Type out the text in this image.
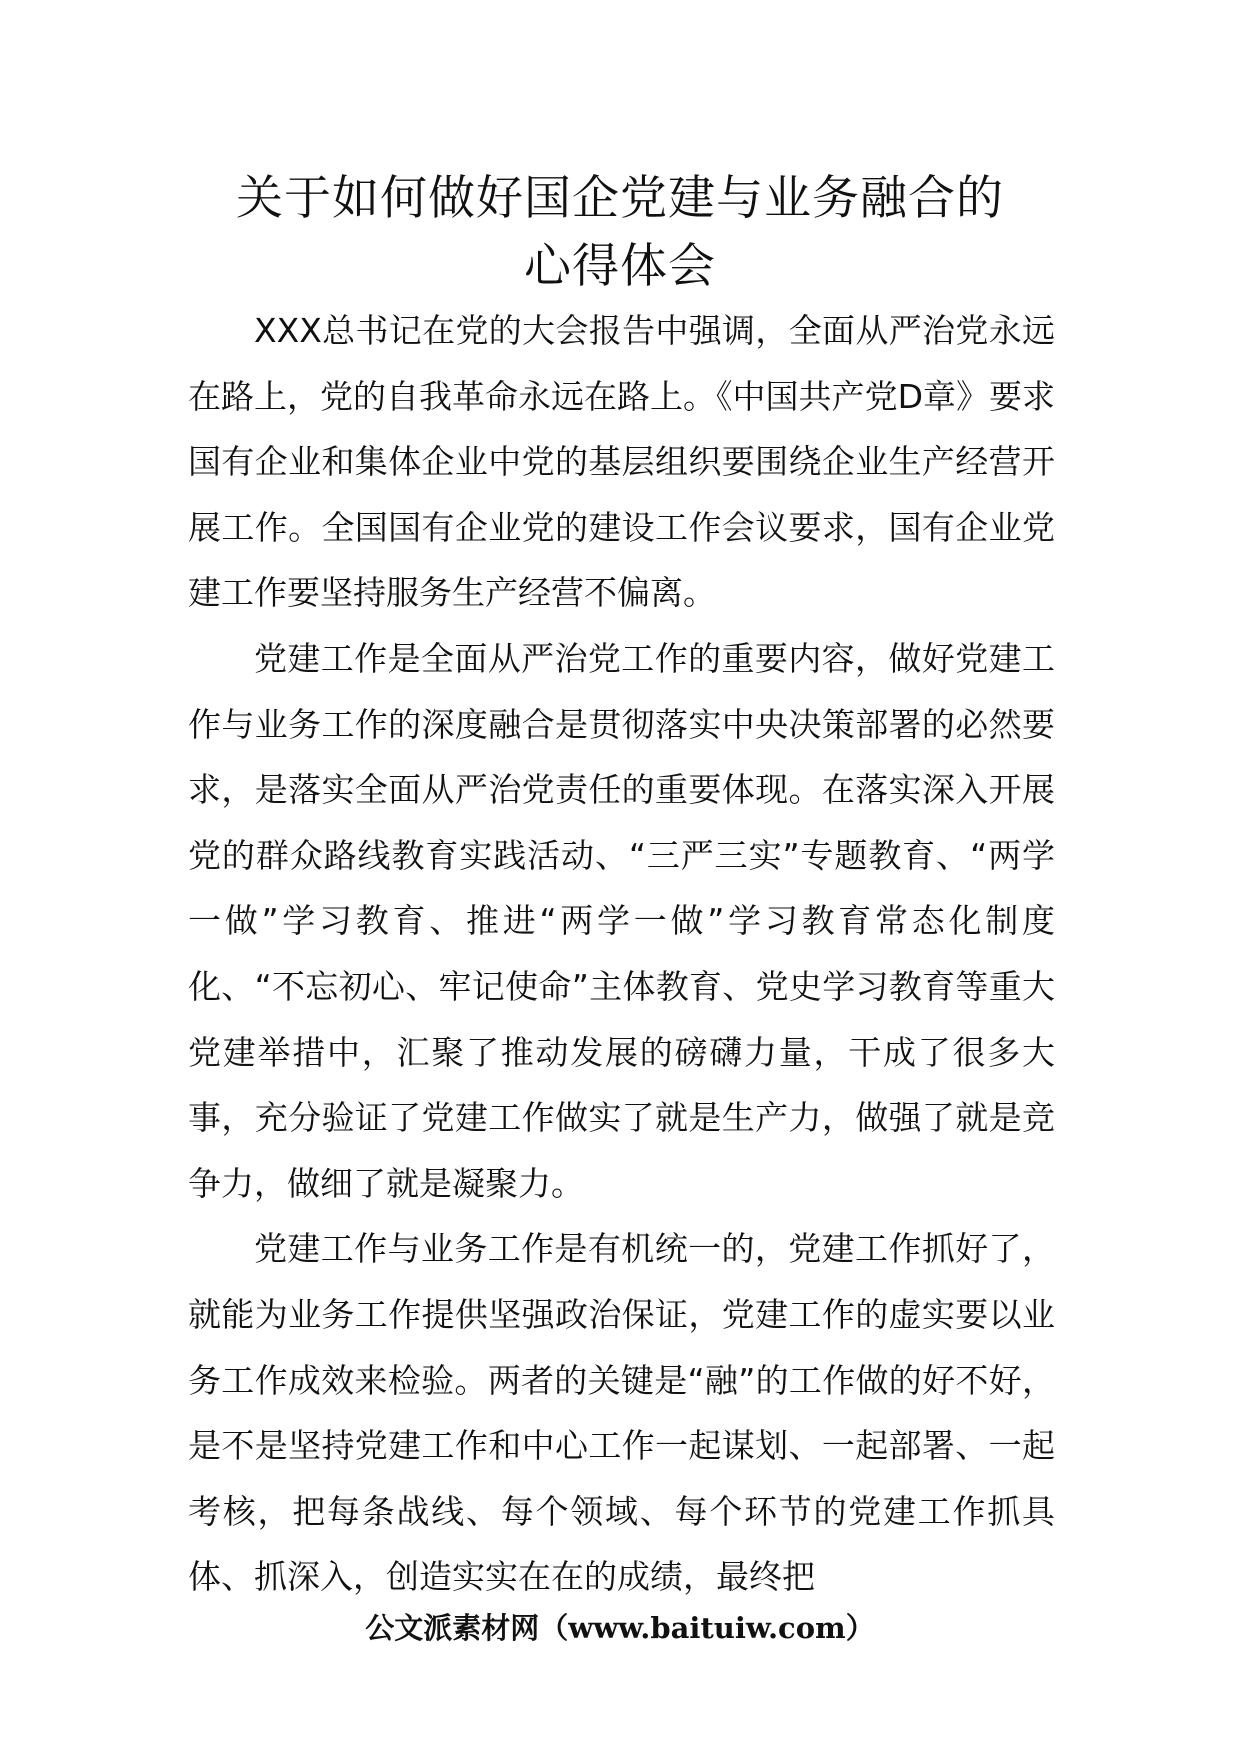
关于如何做好国企党建与业务融合的
心得体会

XXX总书记在党的大会报告中强调，全面从严治党永远在路上，党的自我革命永远在路上。《中国共产党D章》要求国有企业和集体企业中党的基层组织要围绕企业生产经营开展工作。全国国有企业党的建设工作会议要求，国有企业党建工作要坚持服务生产经营不偏离。

党建工作是全面从严治党工作的重要内容，做好党建工作与业务工作的深度融合是贯彻落实中央决策部署的必然要求，是落实全面从严治党责任的重要体现。在落实深入开展党的群众路线教育实践活动、“三严三实”专题教育、“两学一做”学习教育、推进“两学一做”学习教育常态化制度化、“不忘初心、牢记使命”主体教育、党史学习教育等重大党建举措中，汇聚了推动发展的磅礴力量，干成了很多大事，充分验证了党建工作做实了就是生产力，做强了就是竞争力，做细了就是凝聚力。

党建工作与业务工作是有机统一的，党建工作抓好了，就能为业务工作提供坚强政治保证，党建工作的虚实要以业务工作成效来检验。两者的关键是“融”的工作做的好不好，是不是坚持党建工作和中心工作一起谋划、一起部署、一起考核，把每条战线、每个领域、每个环节的党建工作抓具体、抓深入，创造实实在在的成绩，最终把

公文派素材网（www.baituiw.com）
